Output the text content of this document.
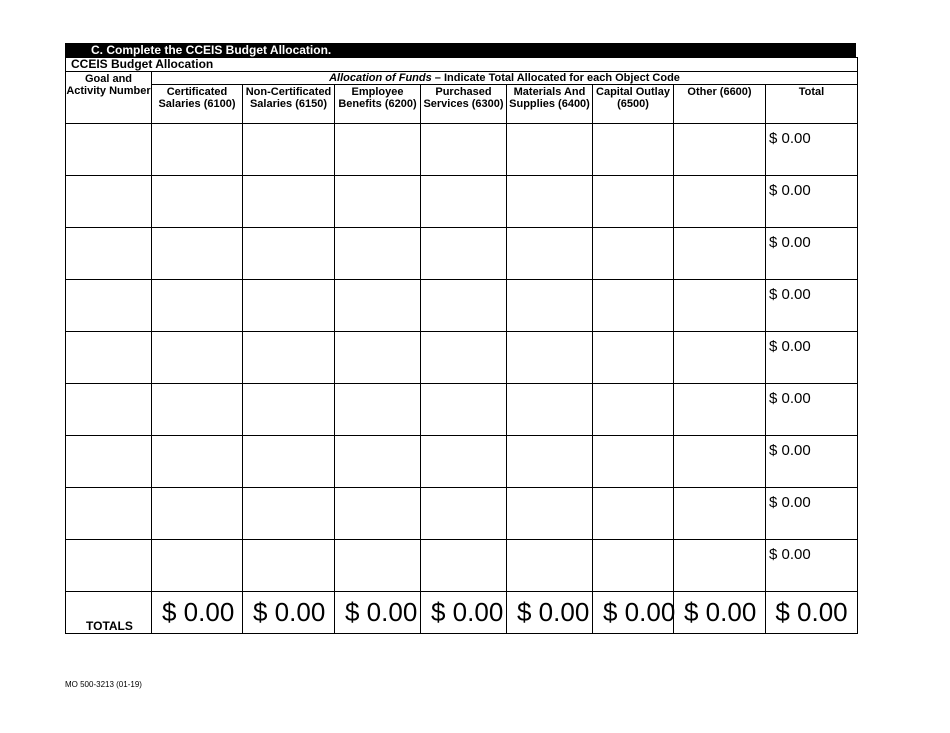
C. Complete the CCEIS Budget Allocation.
CCEIS Budget Allocation								
Goal and Activity Number	Allocation of Funds – Indicate Total Allocated for each Object Code							
	Certificated Salaries (6100)	Non-Certificated Salaries (6150)	Employee Benefits (6200)	Purchased Services (6300)	Materials And Supplies (6400)	Capital Outlay (6500)	Other (6600)	Total
								$ 0.00
								$ 0.00
								$ 0.00
								$ 0.00
								$ 0.00
								$ 0.00
								$ 0.00
								$ 0.00
								$ 0.00
TOTALS	$ 0.00	$ 0.00	$ 0.00	$ 0.00	$ 0.00	$ 0.00	$ 0.00	$ 0.00
MO 500-3213 (01-19)
